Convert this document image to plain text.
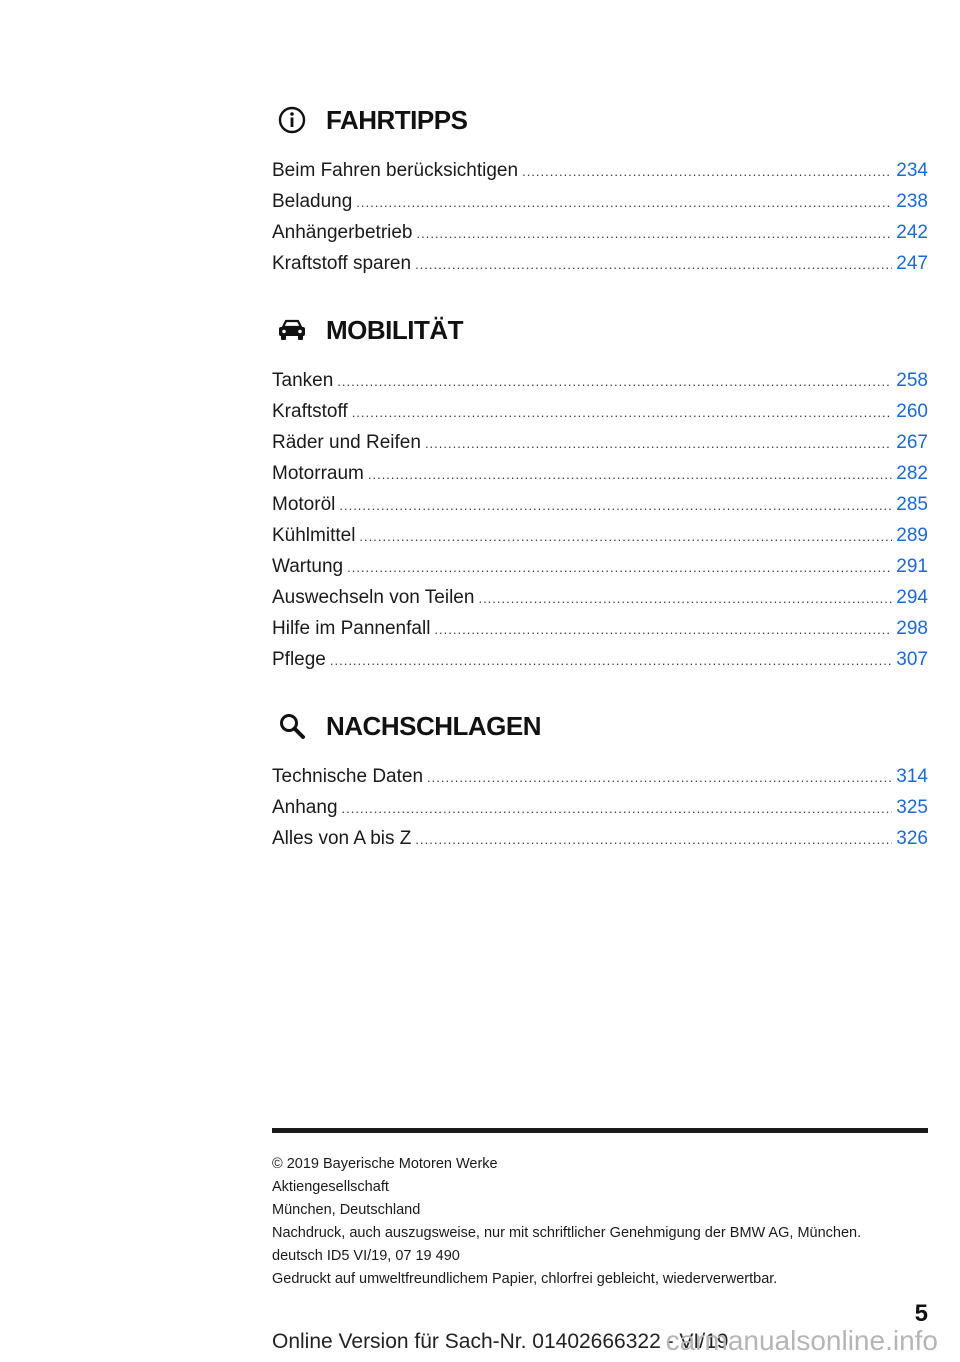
FAHRTIPPS
Beim Fahren berücksichtigen .....	234
Beladung .....	238
Anhängerbetrieb .....	242
Kraftstoff sparen .....	247
MOBILITÄT
Tanken .....	258
Kraftstoff .....	260
Räder und Reifen .....	267
Motorraum .....	282
Motoröl .....	285
Kühlmittel .....	289
Wartung .....	291
Auswechseln von Teilen .....	294
Hilfe im Pannenfall .....	298
Pflege .....	307
NACHSCHLAGEN
Technische Daten .....	314
Anhang .....	325
Alles von A bis Z .....	326
© 2019 Bayerische Motoren Werke
Aktiengesellschaft
München, Deutschland
Nachdruck, auch auszugsweise, nur mit schriftlicher Genehmigung der BMW AG, München.
deutsch ID5 VI/19, 07 19 490
Gedruckt auf umweltfreundlichem Papier, chlorfrei gebleicht, wiederverwertbar.
5
Online Version für Sach-Nr. 01402666322 - VI/19
carmanualsonline.info
